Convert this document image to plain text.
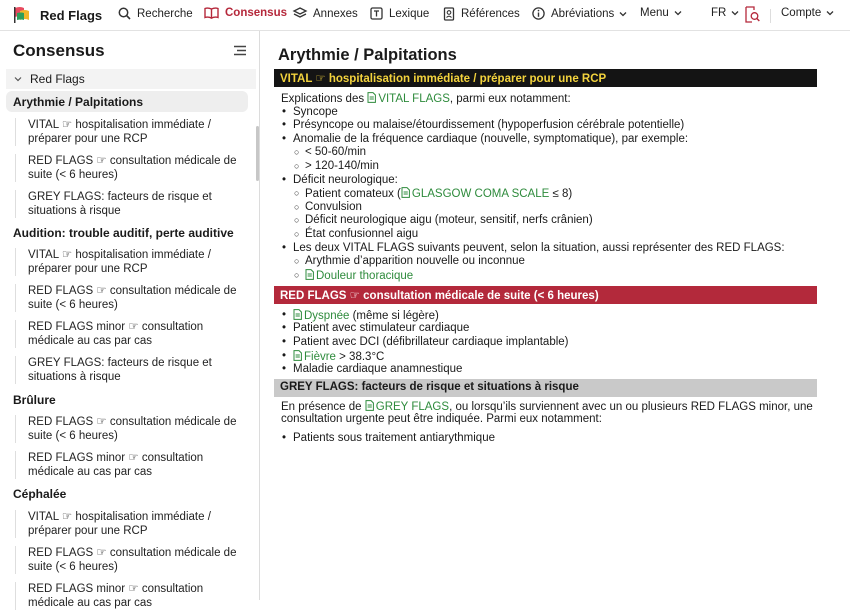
Red Flags	Recherche	Consensus Annexes	Lexique	Références	Abréviations Menu	FR	Compte
Consensus
Red Flags
Arythmie / Palpitations
VITAL ☞ hospitalisation immédiate /
préparer pour une RCP
RED FLAGS ☞ consultation médicale de
suite (< 6 heures)
GREY FLAGS: facteurs de risque et
situations à risque
Audition: trouble auditif, perte auditive
VITAL ☞ hospitalisation immédiate /
préparer pour une RCP
RED FLAGS ☞ consultation médicale de
suite (< 6 heures)
RED FLAGS minor ☞ consultation
médicale au cas par cas
GREY FLAGS: facteurs de risque et
situations à risque
Brûlure
RED FLAGS ☞ consultation médicale de
suite (< 6 heures)
RED FLAGS minor ☞ consultation
médicale au cas par cas
Céphalée
VITAL ☞ hospitalisation immédiate /
préparer pour une RCP
RED FLAGS ☞ consultation médicale de
suite (< 6 heures)
RED FLAGS minor ☞ consultation
médicale au cas par cas
Arythmie / Palpitations
VITAL ☞ hospitalisation immédiate / préparer pour une RCP
Explications des VITAL FLAGS, parmi eux notamment:
• Syncope
• Présyncope ou malaise/étourdissement (hypoperfusion cérébrale potentielle)
• Anomalie de la fréquence cardiaque (nouvelle, symptomatique), par exemple:
○ < 50-60/min
○ > 120-140/min
• Déficit neurologique:
○ Patient comateux ( GLASGOW COMA SCALE ≤ 8)
○ Convulsion
○ Déficit neurologique aigu (moteur, sensitif, nerfs crânien)
○ État confusionnel aigu
• Les deux VITAL FLAGS suivants peuvent, selon la situation, aussi représenter des RED FLAGS:
○ Arythmie d’apparition nouvelle ou inconnue
○ Douleur thoracique
RED FLAGS ☞ consultation médicale de suite (< 6 heures)
• Dyspnée (même si légère)
• Patient avec stimulateur cardiaque
• Patient avec DCI (défibrillateur cardiaque implantable)
• Fièvre > 38.3°C
• Maladie cardiaque anamnestique
GREY FLAGS: facteurs de risque et situations à risque
En présence de GREY FLAGS, ou lorsqu’ils surviennent avec un ou plusieurs RED FLAGS minor, une
consultation urgente peut être indiquée. Parmi eux notamment:
• Patients sous traitement antiarythmique
